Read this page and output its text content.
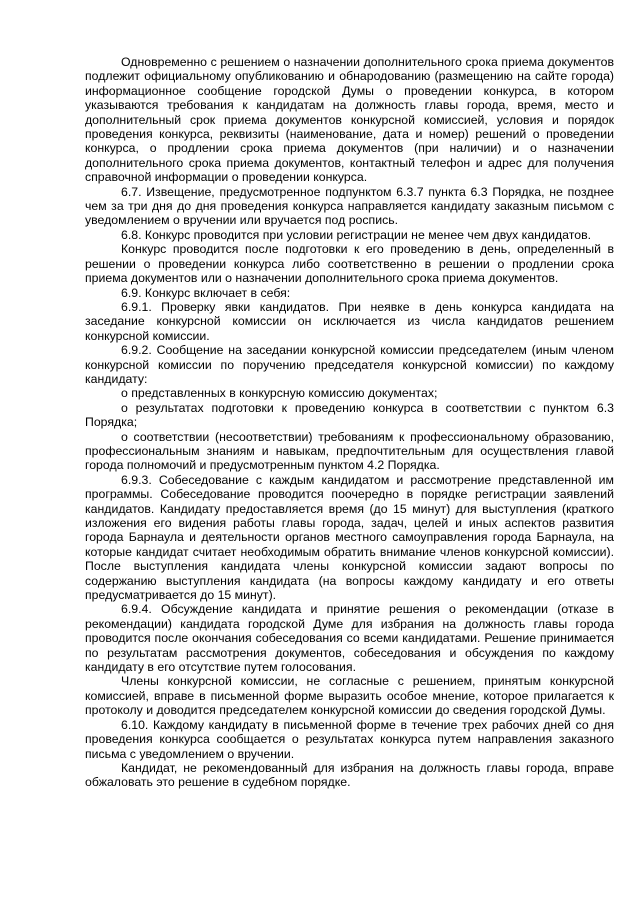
Одновременно с решением о назначении дополнительного срока приема документов подлежит официальному опубликованию и обнародованию (размещению на сайте города) информационное сообщение городской Думы о проведении конкурса, в котором указываются требования к кандидатам на должность главы города, время, место и дополнительный срок приема документов конкурсной комиссией, условия и порядок проведения конкурса, реквизиты (наименование, дата и номер) решений о проведении конкурса, о продлении срока приема документов (при наличии) и о назначении дополнительного срока приема документов, контактный телефон и адрес для получения справочной информации о проведении конкурса.

6.7. Извещение, предусмотренное подпунктом 6.3.7 пункта 6.3 Порядка, не позднее чем за три дня до дня проведения конкурса направляется кандидату заказным письмом с уведомлением о вручении или вручается под роспись.

6.8. Конкурс проводится при условии регистрации не менее чем двух кандидатов.

Конкурс проводится после подготовки к его проведению в день, определенный в решении о проведении конкурса либо соответственно в решении о продлении срока приема документов или о назначении дополнительного срока приема документов.

6.9. Конкурс включает в себя:

6.9.1. Проверку явки кандидатов. При неявке в день конкурса кандидата на заседание конкурсной комиссии он исключается из числа кандидатов решением конкурсной комиссии.

6.9.2. Сообщение на заседании конкурсной комиссии председателем (иным членом конкурсной комиссии по поручению председателя конкурсной комиссии) по каждому кандидату:

о представленных в конкурсную комиссию документах;

о результатах подготовки к проведению конкурса в соответствии с пунктом 6.3 Порядка;

о соответствии (несоответствии) требованиям к профессиональному образованию, профессиональным знаниям и навыкам, предпочтительным для осуществления главой города полномочий и предусмотренным пунктом 4.2 Порядка.

6.9.3. Собеседование с каждым кандидатом и рассмотрение представленной им программы. Собеседование проводится поочередно в порядке регистрации заявлений кандидатов. Кандидату предоставляется время (до 15 минут) для выступления (краткого изложения его видения работы главы города, задач, целей и иных аспектов развития города Барнаула и деятельности органов местного самоуправления города Барнаула, на которые кандидат считает необходимым обратить внимание членов конкурсной комиссии). После выступления кандидата члены конкурсной комиссии задают вопросы по содержанию выступления кандидата (на вопросы каждому кандидату и его ответы предусматривается до 15 минут).

6.9.4. Обсуждение кандидата и принятие решения о рекомендации (отказе в рекомендации) кандидата городской Думе для избрания на должность главы города проводится после окончания собеседования со всеми кандидатами. Решение принимается по результатам рассмотрения документов, собеседования и обсуждения по каждому кандидату в его отсутствие путем голосования.

Члены конкурсной комиссии, не согласные с решением, принятым конкурсной комиссией, вправе в письменной форме выразить особое мнение, которое прилагается к протоколу и доводится председателем конкурсной комиссии до сведения городской Думы.

6.10. Каждому кандидату в письменной форме в течение трех рабочих дней со дня проведения конкурса сообщается о результатах конкурса путем направления заказного письма с уведомлением о вручении.

Кандидат, не рекомендованный для избрания на должность главы города, вправе обжаловать это решение в судебном порядке.
